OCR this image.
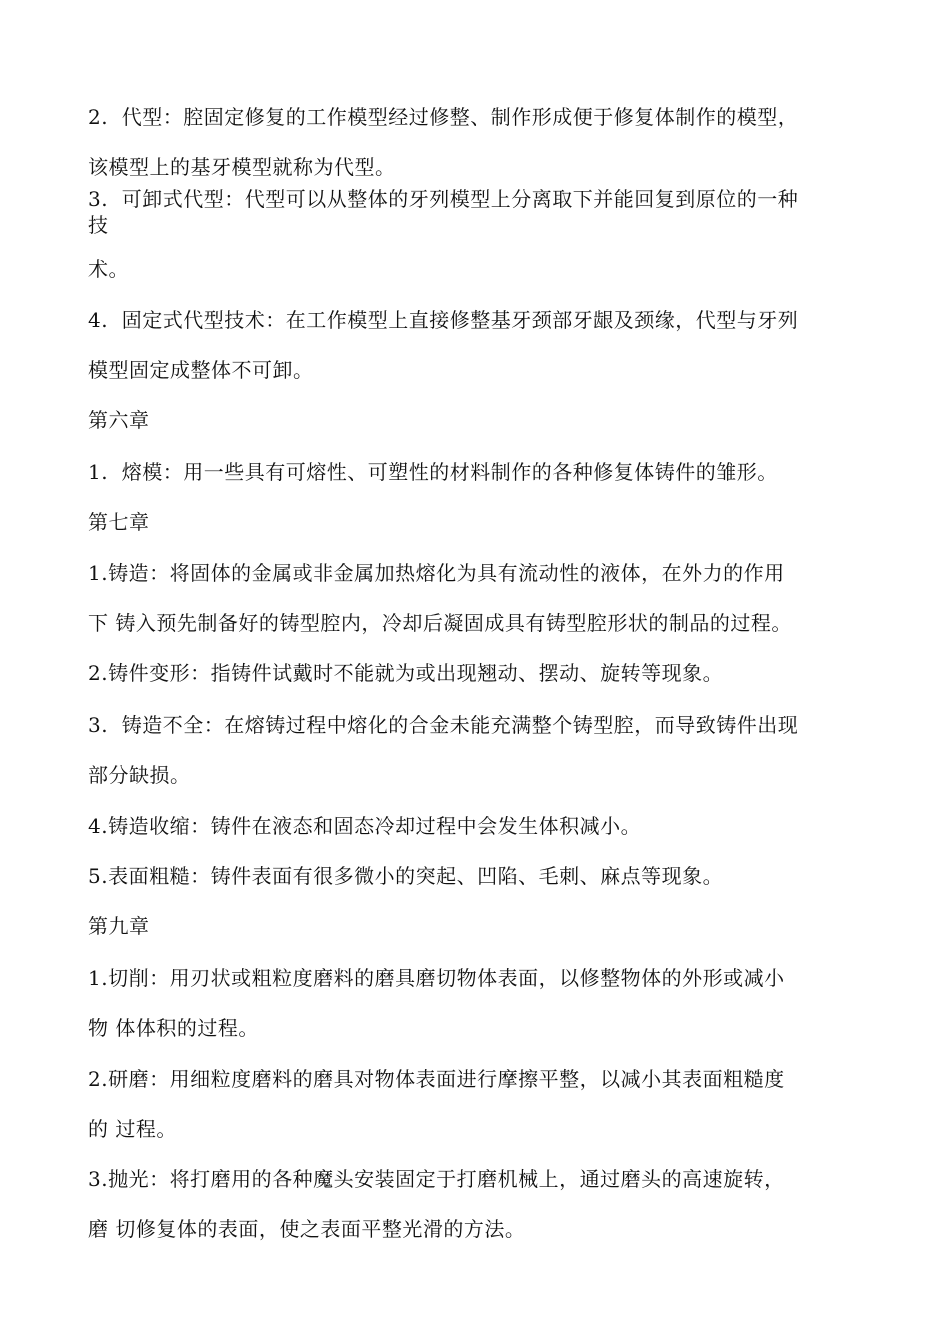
2.  代型：腔固定修复的工作模型经过修整、制作形成便于修复体制作的模型，
该模型上的基牙模型就称为代型。
3.  可卸式代型：代型可以从整体的牙列模型上分离取下并能回复到原位的一种
技
术。
4.  固定式代型技术：在工作模型上直接修整基牙颈部牙龈及颈缘，代型与牙列
模型固定成整体不可卸。
第六章
1.  熔模：用一些具有可熔性、可塑性的材料制作的各种修复体铸件的雏形。
第七章
1.铸造：将固体的金属或非金属加热熔化为具有流动性的液体，在外力的作用
下 铸入预先制备好的铸型腔内，冷却后凝固成具有铸型腔形状的制品的过程。
2.铸件变形：指铸件试戴时不能就为或出现翘动、摆动、旋转等现象。
3.  铸造不全：在熔铸过程中熔化的合金未能充满整个铸型腔，而导致铸件出现
部分缺损。
4.铸造收缩：铸件在液态和固态冷却过程中会发生体积减小。
5.表面粗糙：铸件表面有很多微小的突起、凹陷、毛刺、麻点等现象。
第九章
1.切削：用刃状或粗粒度磨料的磨具磨切物体表面，以修整物体的外形或减小
物 体体积的过程。
2.研磨：用细粒度磨料的磨具对物体表面进行摩擦平整，以减小其表面粗糙度
的 过程。
3.抛光：将打磨用的各种魔头安装固定于打磨机械上，通过磨头的高速旋转，
磨 切修复体的表面，使之表面平整光滑的方法。
